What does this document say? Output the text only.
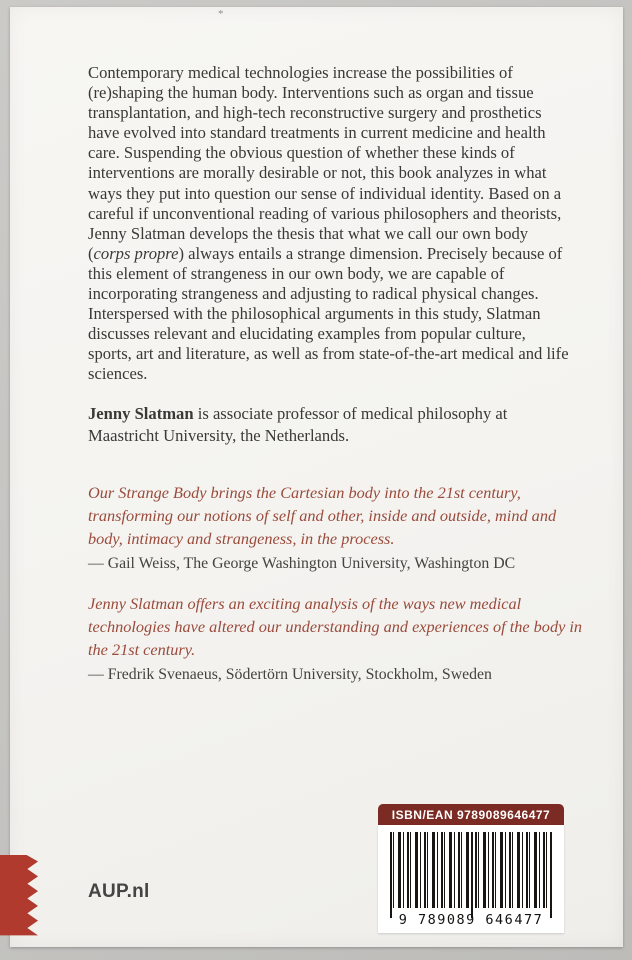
*

Contemporary medical technologies increase the possibilities of (re)shaping the human body. Interventions such as organ and tissue transplantation, and high-tech reconstructive surgery and prosthetics have evolved into standard treatments in current medicine and health care. Suspending the obvious question of whether these kinds of interventions are morally desirable or not, this book analyzes in what ways they put into question our sense of individual identity. Based on a careful if unconventional reading of various philosophers and theorists, Jenny Slatman develops the thesis that what we call our own body (corps propre) always entails a strange dimension. Precisely because of this element of strangeness in our own body, we are capable of incorporating strangeness and adjusting to radical physical changes. Interspersed with the philosophical arguments in this study, Slatman discusses relevant and elucidating examples from popular culture, sports, art and literature, as well as from state-of-the-art medical and life sciences.

Jenny Slatman is associate professor of medical philosophy at Maastricht University, the Netherlands.

Our Strange Body brings the Cartesian body into the 21st century, transforming our notions of self and other, inside and outside, mind and body, intimacy and strangeness, in the process.

— Gail Weiss, The George Washington University, Washington DC

Jenny Slatman offers an exciting analysis of the ways new medical technologies have altered our understanding and experiences of the body in the 21st century.

— Fredrik Svenaeus, Södertörn University, Stockholm, Sweden

ISBN/EAN 9789089646477
9 789089 646477
AUP.nl
